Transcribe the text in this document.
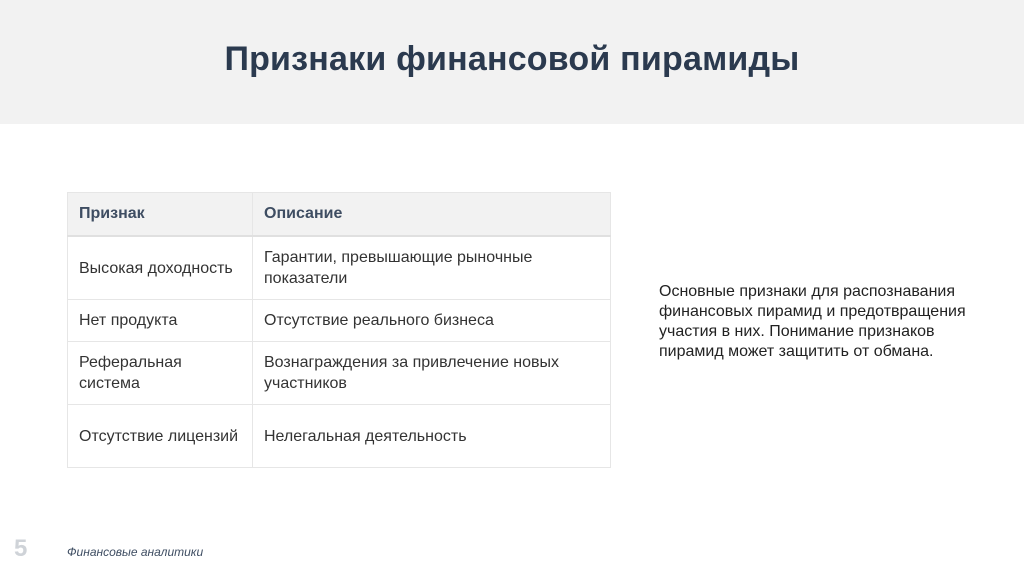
Признаки финансовой пирамиды
Признак	Описание
Высокая доходность	Гарантии, превышающие рыночные показатели
Нет продукта	Отсутствие реального бизнеса
Реферальная система	Вознаграждения за привлечение новых участников
Отсутствие лицензий	Нелегальная деятельность

Основные признаки для распознавания финансовых пирамид и предотвращения участия в них. Понимание признаков пирамид может защитить от обмана.

5	Финансовые аналитики
